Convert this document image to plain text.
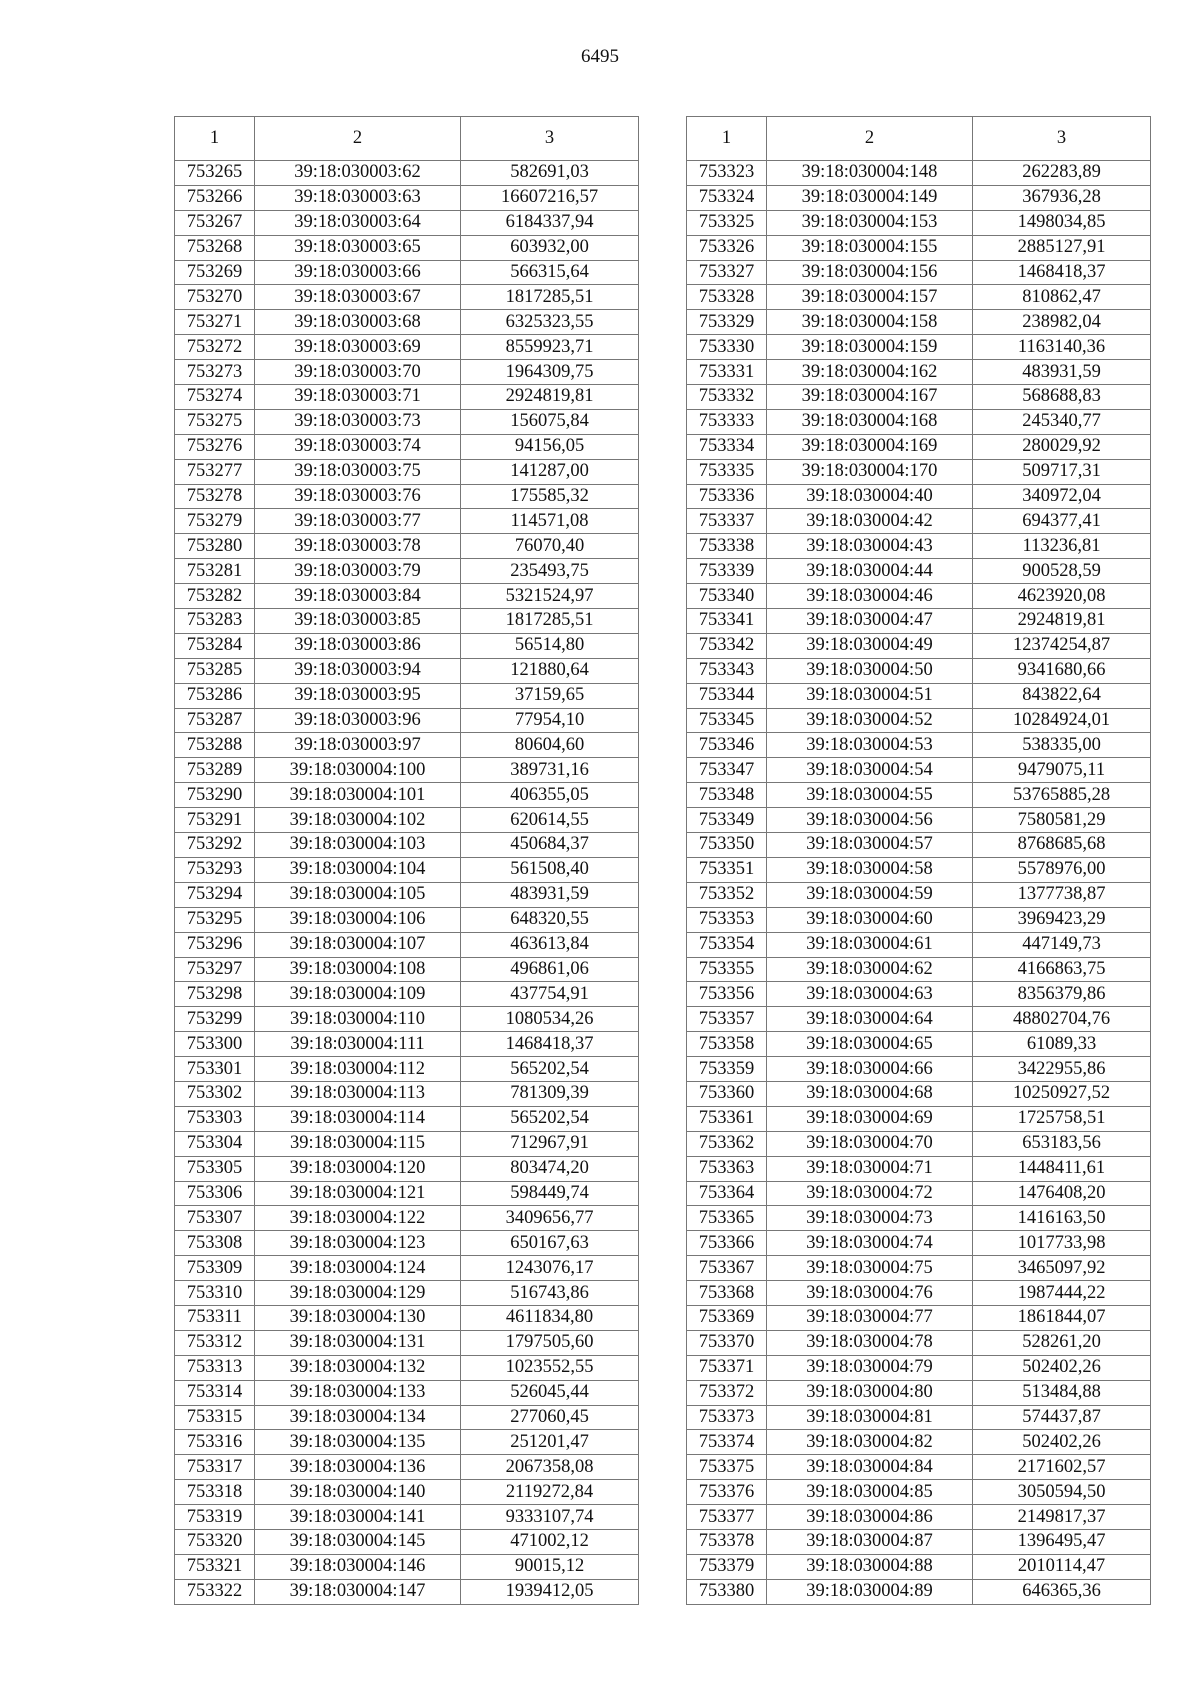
6495
1	2	3
753265	39:18:030003:62	582691,03
753266	39:18:030003:63	16607216,57
753267	39:18:030003:64	6184337,94
753268	39:18:030003:65	603932,00
753269	39:18:030003:66	566315,64
753270	39:18:030003:67	1817285,51
753271	39:18:030003:68	6325323,55
753272	39:18:030003:69	8559923,71
753273	39:18:030003:70	1964309,75
753274	39:18:030003:71	2924819,81
753275	39:18:030003:73	156075,84
753276	39:18:030003:74	94156,05
753277	39:18:030003:75	141287,00
753278	39:18:030003:76	175585,32
753279	39:18:030003:77	114571,08
753280	39:18:030003:78	76070,40
753281	39:18:030003:79	235493,75
753282	39:18:030003:84	5321524,97
753283	39:18:030003:85	1817285,51
753284	39:18:030003:86	56514,80
753285	39:18:030003:94	121880,64
753286	39:18:030003:95	37159,65
753287	39:18:030003:96	77954,10
753288	39:18:030003:97	80604,60
753289	39:18:030004:100	389731,16
753290	39:18:030004:101	406355,05
753291	39:18:030004:102	620614,55
753292	39:18:030004:103	450684,37
753293	39:18:030004:104	561508,40
753294	39:18:030004:105	483931,59
753295	39:18:030004:106	648320,55
753296	39:18:030004:107	463613,84
753297	39:18:030004:108	496861,06
753298	39:18:030004:109	437754,91
753299	39:18:030004:110	1080534,26
753300	39:18:030004:111	1468418,37
753301	39:18:030004:112	565202,54
753302	39:18:030004:113	781309,39
753303	39:18:030004:114	565202,54
753304	39:18:030004:115	712967,91
753305	39:18:030004:120	803474,20
753306	39:18:030004:121	598449,74
753307	39:18:030004:122	3409656,77
753308	39:18:030004:123	650167,63
753309	39:18:030004:124	1243076,17
753310	39:18:030004:129	516743,86
753311	39:18:030004:130	4611834,80
753312	39:18:030004:131	1797505,60
753313	39:18:030004:132	1023552,55
753314	39:18:030004:133	526045,44
753315	39:18:030004:134	277060,45
753316	39:18:030004:135	251201,47
753317	39:18:030004:136	2067358,08
753318	39:18:030004:140	2119272,84
753319	39:18:030004:141	9333107,74
753320	39:18:030004:145	471002,12
753321	39:18:030004:146	90015,12
753322	39:18:030004:147	1939412,05
1	2	3
753323	39:18:030004:148	262283,89
753324	39:18:030004:149	367936,28
753325	39:18:030004:153	1498034,85
753326	39:18:030004:155	2885127,91
753327	39:18:030004:156	1468418,37
753328	39:18:030004:157	810862,47
753329	39:18:030004:158	238982,04
753330	39:18:030004:159	1163140,36
753331	39:18:030004:162	483931,59
753332	39:18:030004:167	568688,83
753333	39:18:030004:168	245340,77
753334	39:18:030004:169	280029,92
753335	39:18:030004:170	509717,31
753336	39:18:030004:40	340972,04
753337	39:18:030004:42	694377,41
753338	39:18:030004:43	113236,81
753339	39:18:030004:44	900528,59
753340	39:18:030004:46	4623920,08
753341	39:18:030004:47	2924819,81
753342	39:18:030004:49	12374254,87
753343	39:18:030004:50	9341680,66
753344	39:18:030004:51	843822,64
753345	39:18:030004:52	10284924,01
753346	39:18:030004:53	538335,00
753347	39:18:030004:54	9479075,11
753348	39:18:030004:55	53765885,28
753349	39:18:030004:56	7580581,29
753350	39:18:030004:57	8768685,68
753351	39:18:030004:58	5578976,00
753352	39:18:030004:59	1377738,87
753353	39:18:030004:60	3969423,29
753354	39:18:030004:61	447149,73
753355	39:18:030004:62	4166863,75
753356	39:18:030004:63	8356379,86
753357	39:18:030004:64	48802704,76
753358	39:18:030004:65	61089,33
753359	39:18:030004:66	3422955,86
753360	39:18:030004:68	10250927,52
753361	39:18:030004:69	1725758,51
753362	39:18:030004:70	653183,56
753363	39:18:030004:71	1448411,61
753364	39:18:030004:72	1476408,20
753365	39:18:030004:73	1416163,50
753366	39:18:030004:74	1017733,98
753367	39:18:030004:75	3465097,92
753368	39:18:030004:76	1987444,22
753369	39:18:030004:77	1861844,07
753370	39:18:030004:78	528261,20
753371	39:18:030004:79	502402,26
753372	39:18:030004:80	513484,88
753373	39:18:030004:81	574437,87
753374	39:18:030004:82	502402,26
753375	39:18:030004:84	2171602,57
753376	39:18:030004:85	3050594,50
753377	39:18:030004:86	2149817,37
753378	39:18:030004:87	1396495,47
753379	39:18:030004:88	2010114,47
753380	39:18:030004:89	646365,36
